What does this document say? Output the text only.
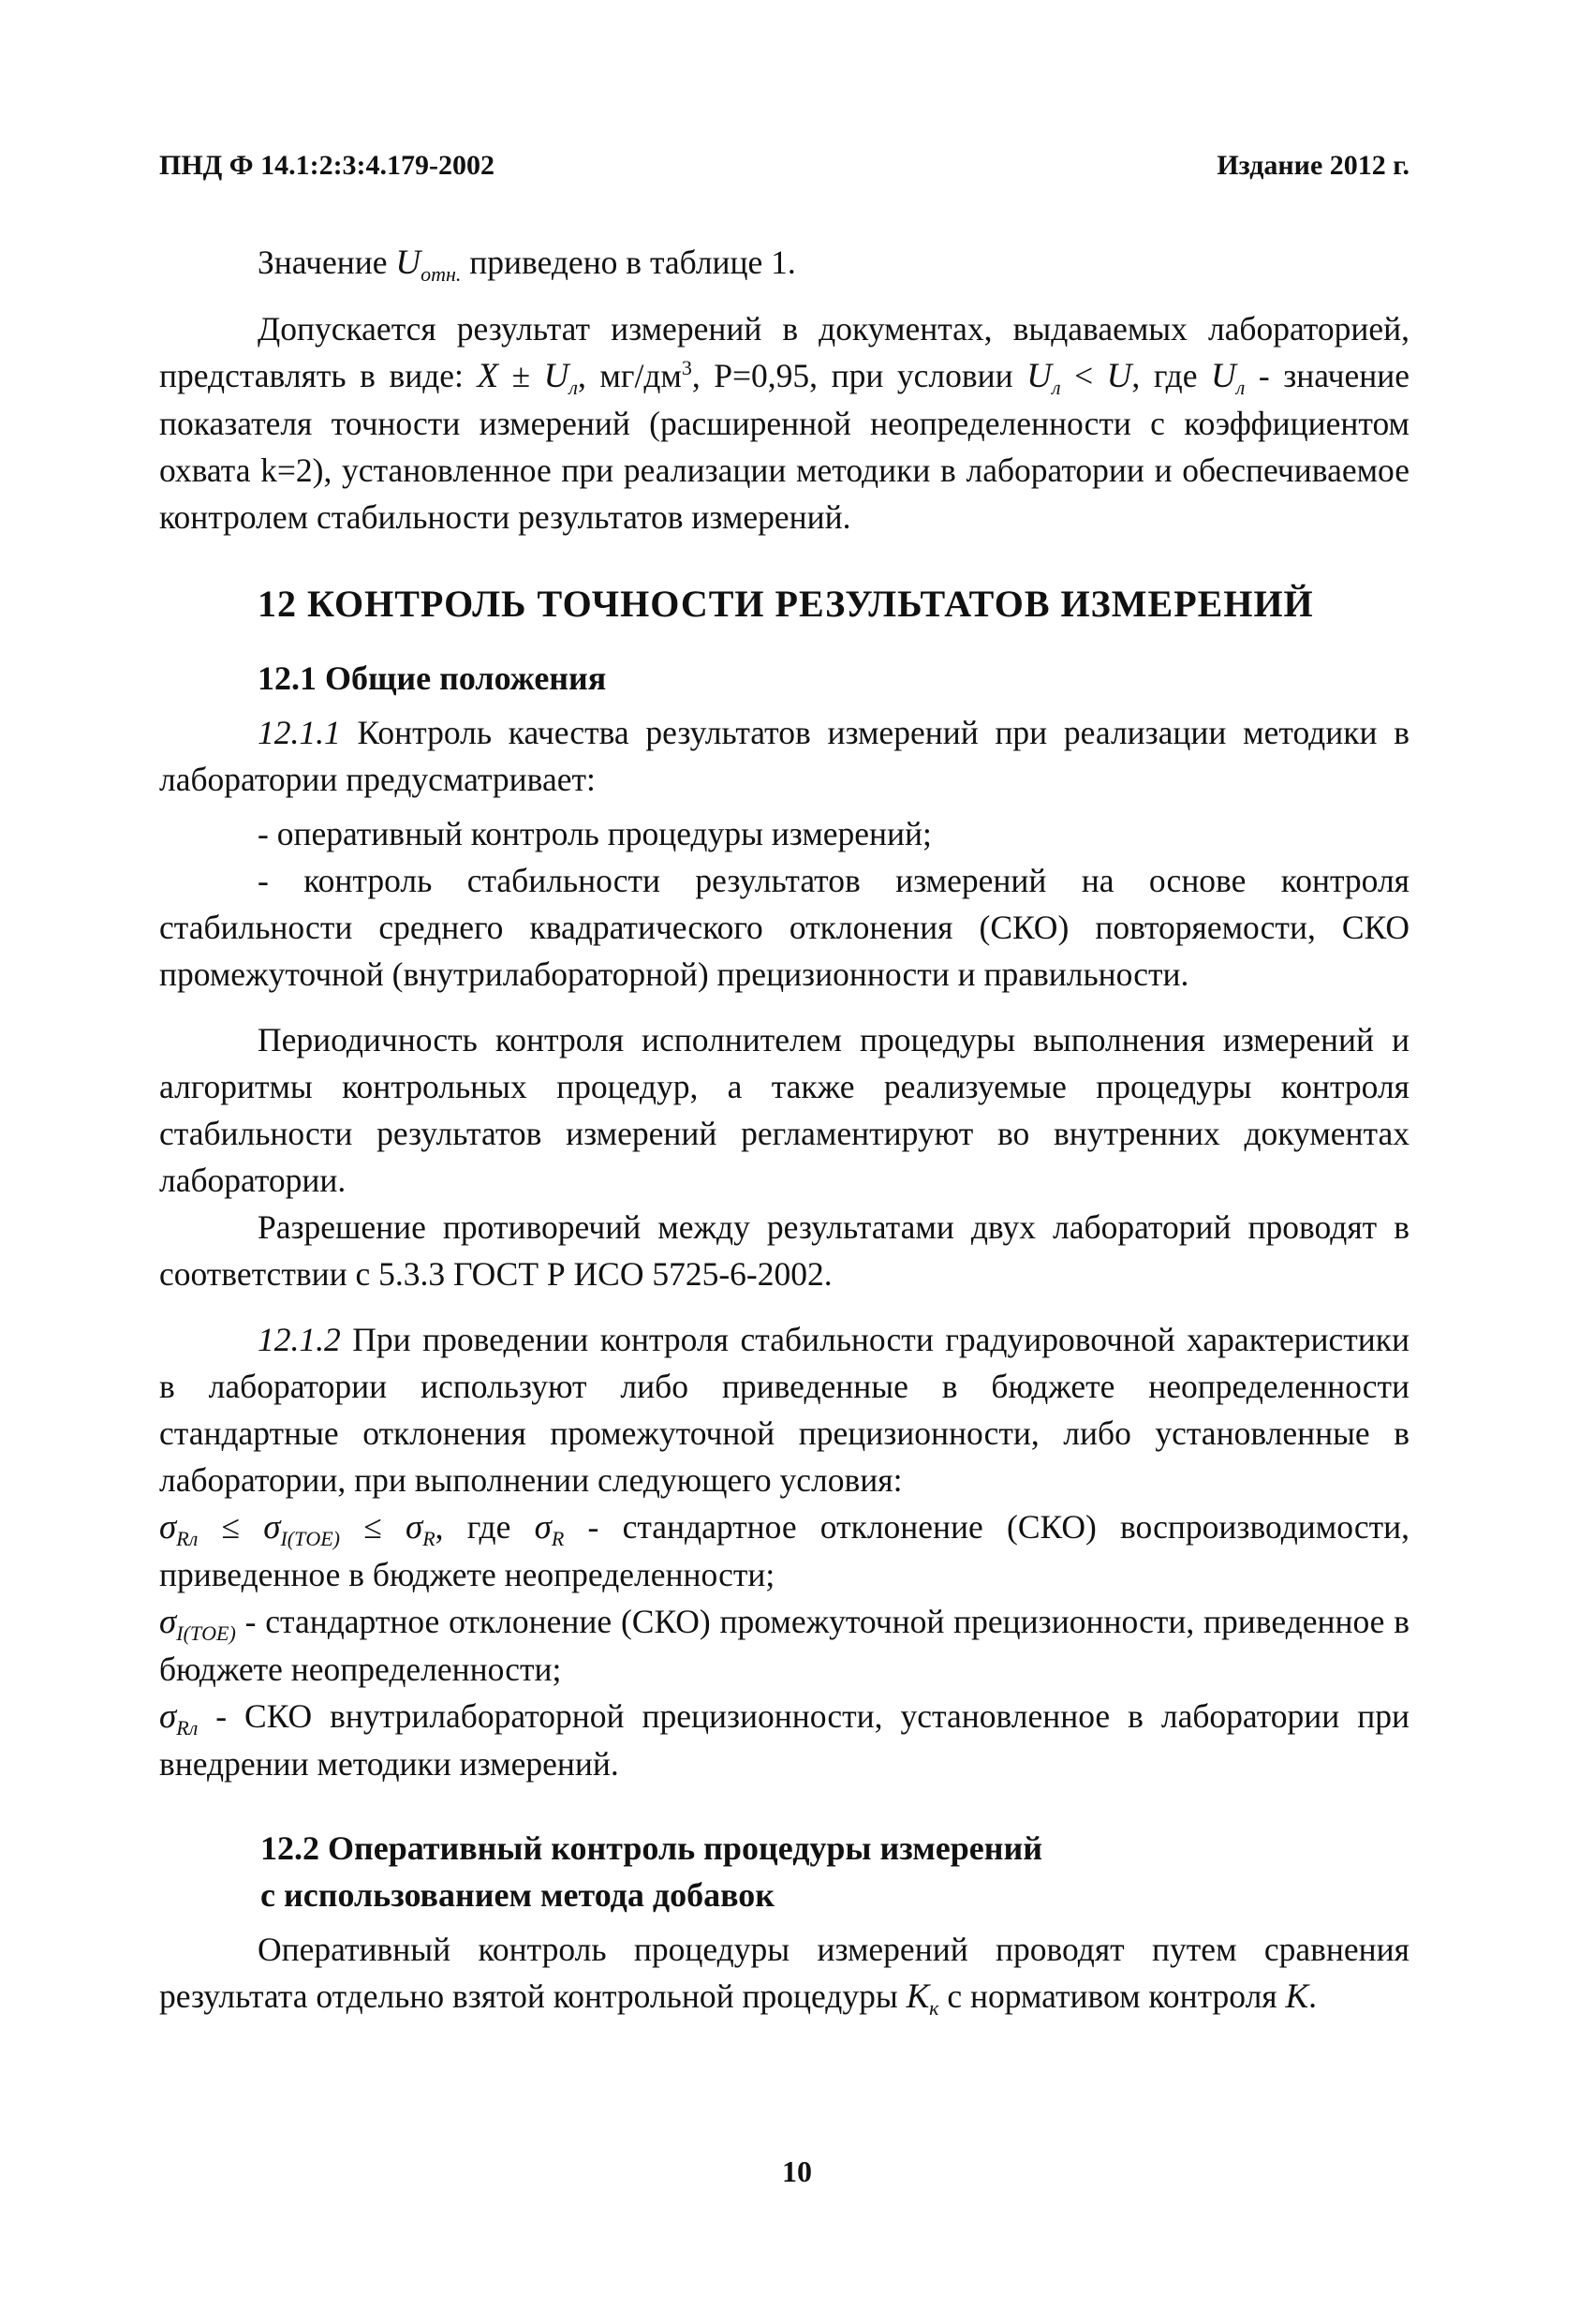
ПНД Ф 14.1:2:3:4.179-2002	Издание 2012 г.

Значение $U_{отн.}$ приведено в таблице 1.

Допускается результат измерений в документах, выдаваемых лабораторией, представлять в виде: $X \pm U_л$, $мг/дм^3$, Р=0,95, при условии $U_л < U$, где $U_л$ - значение показателя точности измерений (расширенной неопределенности с коэффициентом охвата k=2), установленное при реализации методики в лаборатории и обеспечиваемое контролем стабильности результатов измерений.

12 КОНТРОЛЬ ТОЧНОСТИ РЕЗУЛЬТАТОВ ИЗМЕРЕНИЙ
12.1 Общие положения

12.1.1 Контроль качества результатов измерений при реализации методики в лаборатории предусматривает:

- оперативный контроль процедуры измерений;

- контроль стабильности результатов измерений на основе контроля стабильности среднего квадратического отклонения (СКО) повторяемости, СКО промежуточной (внутрилабораторной) прецизионности и правильности.

Периодичность контроля исполнителем процедуры выполнения измерений и алгоритмы контрольных процедур, а также реализуемые процедуры контроля стабильности результатов измерений регламентируют во внутренних документах лаборатории.

Разрешение противоречий между результатами двух лабораторий проводят в соответствии с 5.3.3 ГОСТ Р ИСО 5725-6-2002.

12.1.2 При проведении контроля стабильности градуировочной характеристики в лаборатории используют либо приведенные в бюджете неопределенности стандартные отклонения промежуточной прецизионности, либо установленные в лаборатории, при выполнении следующего условия:

$\sigma_{Rл} \le \sigma_{I(ТОЕ)} \le \sigma_R$, где $\sigma_R$ - стандартное отклонение (СКО) воспроизводимости, приведенное в бюджете неопределенности;

$\sigma_{I(ТОЕ)}$ - стандартное отклонение (СКО) промежуточной прецизионности, приведенное в бюджете неопределенности;

$\sigma_{Rл}$ - СКО внутрилабораторной прецизионности, установленное в лаборатории при внедрении методики измерений.

12.2 Оперативный контроль процедуры измерений
с использованием метода добавок

Оперативный контроль процедуры измерений проводят путем сравнения результата отдельно взятой контрольной процедуры $К_к$ с нормативом контроля К.

10
